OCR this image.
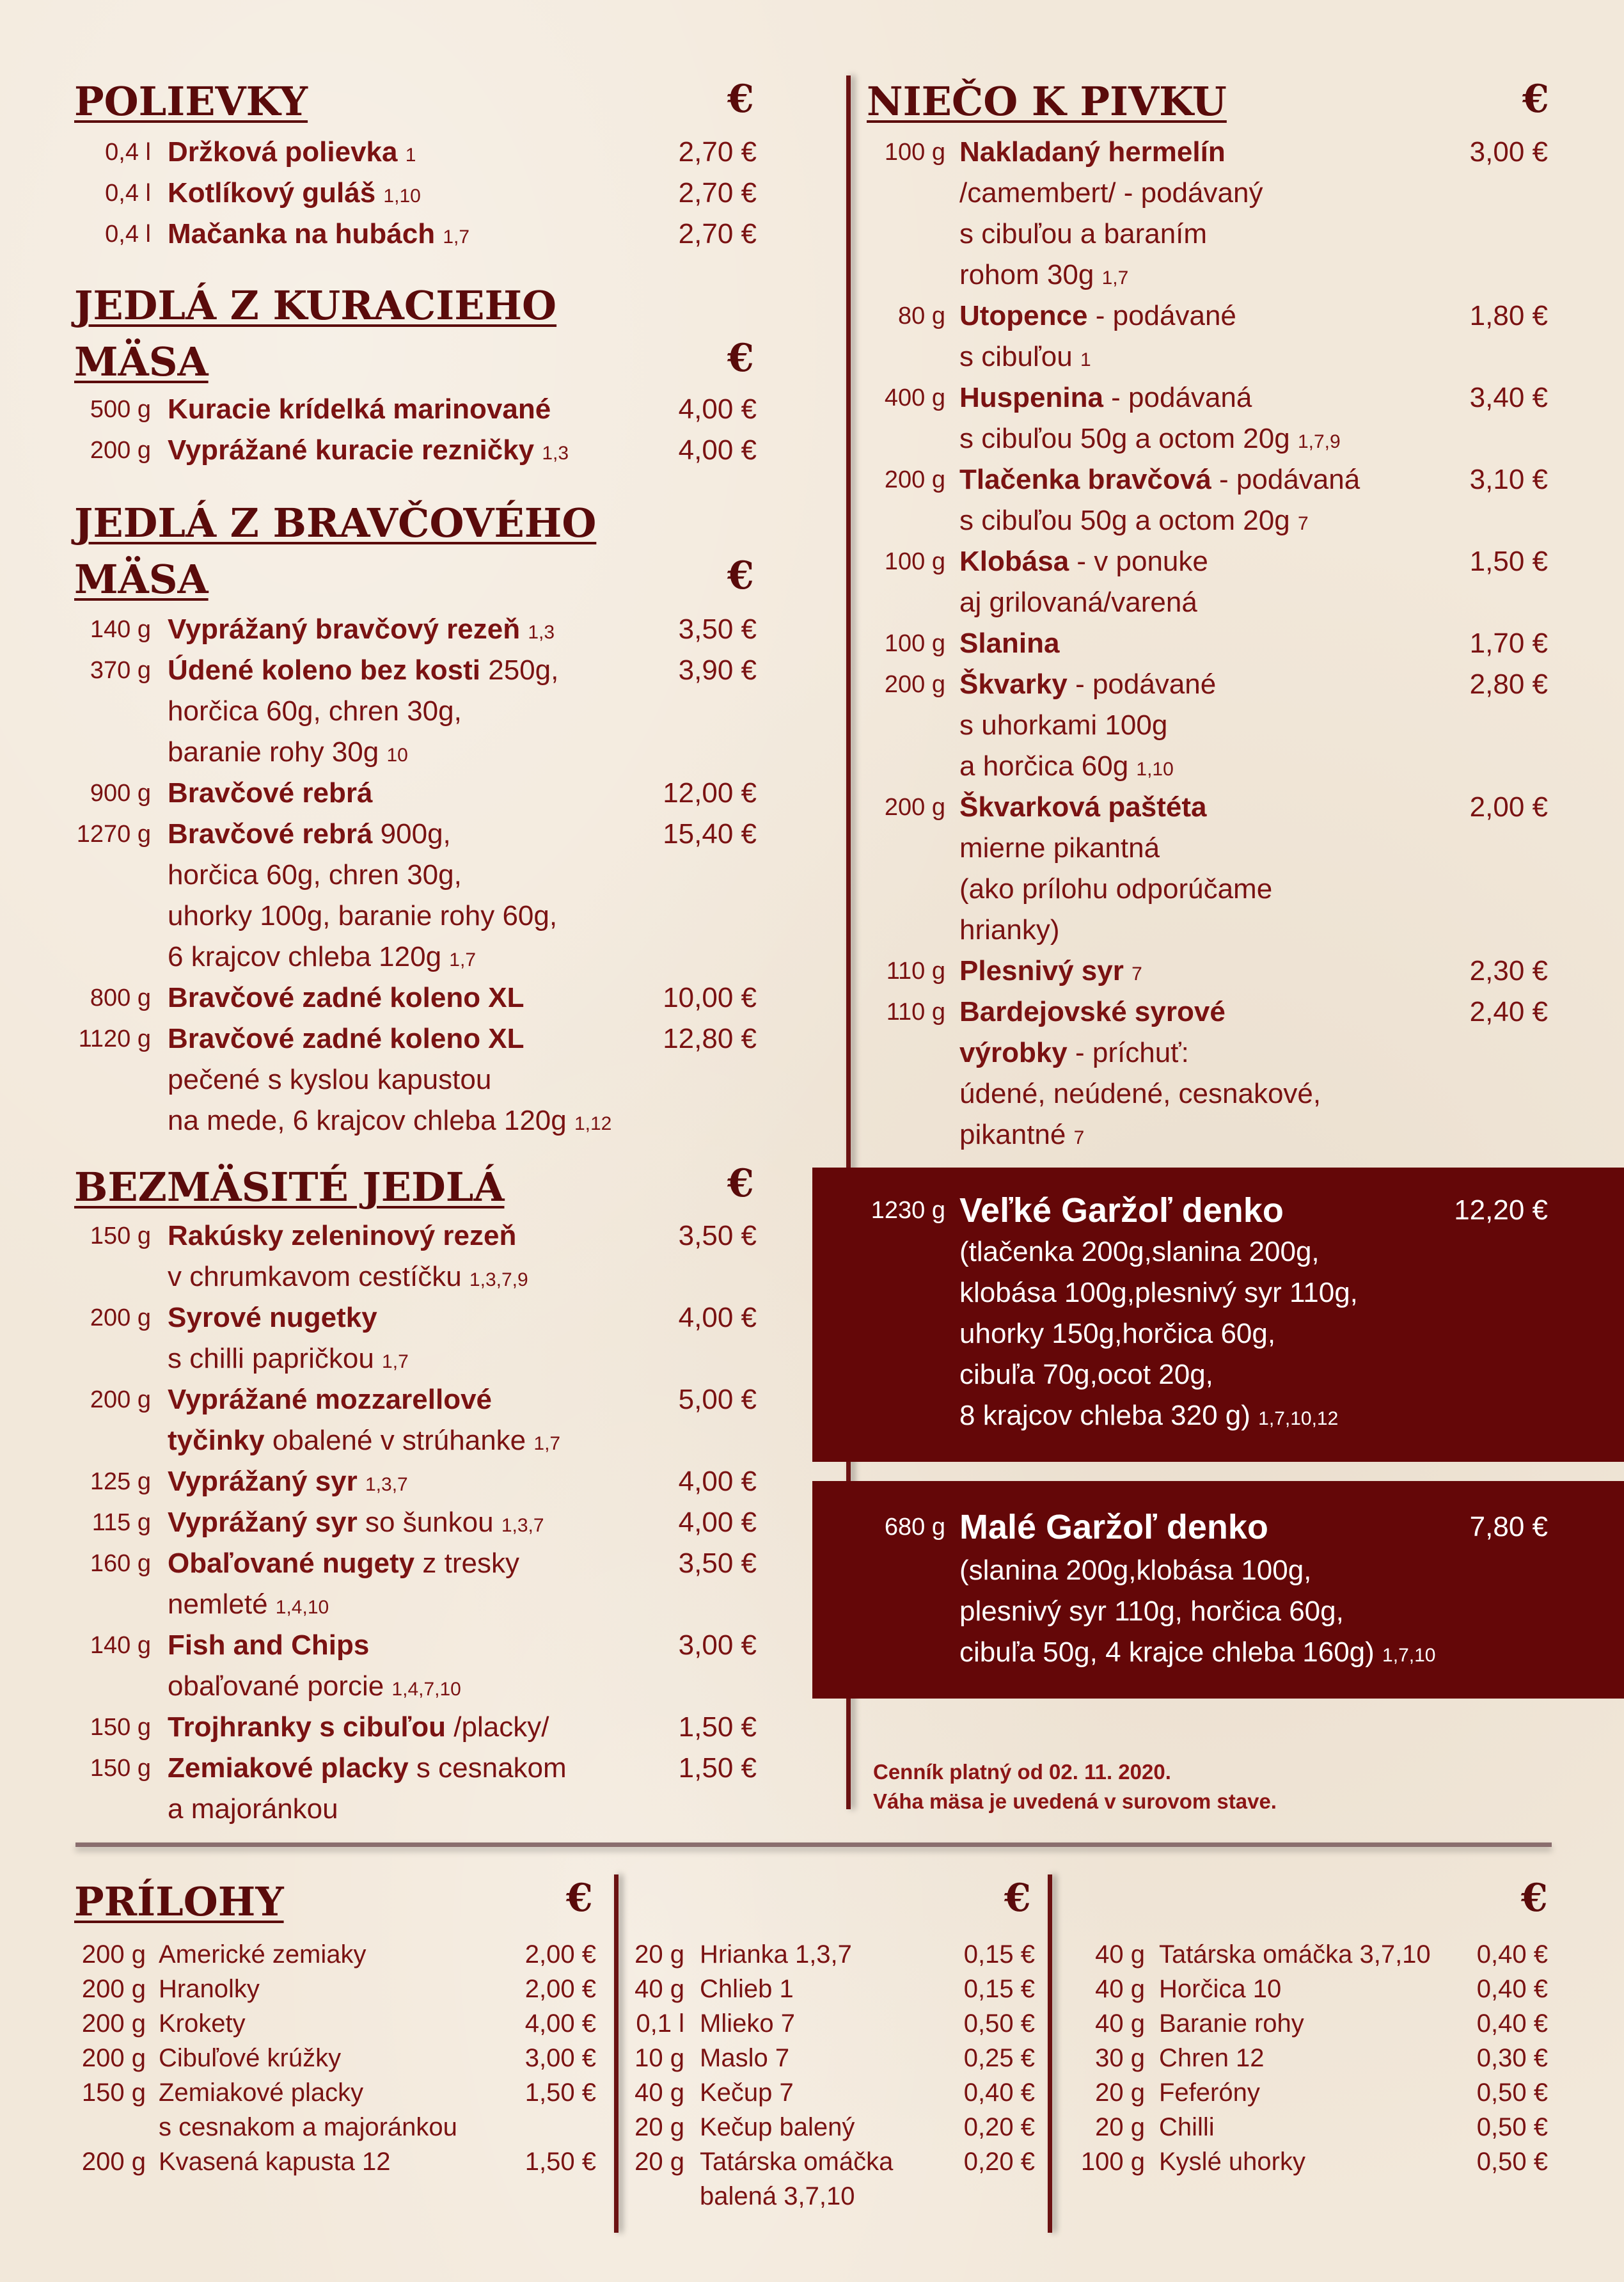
POLIEVKY	€
JEDLÁ Z KURACIEHO
MÄSA	€
JEDLÁ Z BRAVČOVÉHO
MÄSA	€
BEZMÄSITÉ JEDLÁ	€
0,4 l Držková polievka 1	2,70 €
0,4 l Kotlíkový guláš 1,10	2,70 €
0,4 l Mačanka na hubách 1,7	2,70 €
500 g Kuracie krídelká marinované	4,00 €
200 g Vyprážané kuracie rezničky 1,3	4,00 €
140 g Vyprážaný bravčový rezeň 1,3	3,50 €
370 g Údené koleno bez kosti 250g,	3,90 €
horčica 60g, chren 30g,
baranie rohy 30g 10
900 g Bravčové rebrá	12,00 €
1270 g Bravčové rebrá 900g,	15,40 €
horčica 60g, chren 30g,
uhorky 100g, baranie rohy 60g,
6 krajcov chleba 120g 1,7
800 g Bravčové zadné koleno XL	10,00 €
1120 g Bravčové zadné koleno XL	12,80 €
pečené s kyslou kapustou
na mede, 6 krajcov chleba 120g 1,12
150 g Rakúsky zeleninový rezeň	3,50 €
v chrumkavom cestíčku 1,3,7,9
200 g Syrové nugetky	4,00 €
s chilli papričkou 1,7
200 g Vyprážané mozzarellové	5,00 €
tyčinky obalené v strúhanke 1,7
125 g Vyprážaný syr 1,3,7	4,00 €
115 g Vyprážaný syr so šunkou 1,3,7	4,00 €
160 g Obaľované nugety z tresky	3,50 €
nemleté 1,4,10
140 g Fish and Chips	3,00 €
obaľované porcie 1,4,7,10
150 g Trojhranky s cibuľou /placky/	1,50 €
150 g Zemiakové placky s cesnakom	1,50 €
a majoránkou
NIEČO K PIVKU	€
100 g Nakladaný hermelín	3,00 €
/camembert/ - podávaný
s cibuľou a baraním
rohom 30g 1,7
80 g Utopence - podávané	1,80 €
s cibuľou 1
400 g Huspenina - podávaná	3,40 €
s cibuľou 50g a octom 20g 1,7,9
200 g Tlačenka bravčová - podávaná	3,10 €
s cibuľou 50g a octom 20g 7
100 g Klobása - v ponuke	1,50 €
aj grilovaná/varená
100 g Slanina	1,70 €
200 g Škvarky - podávané	2,80 €
s uhorkami 100g
a horčica 60g 1,10
200 g Škvarková paštéta	2,00 €
mierne pikantná
(ako prílohu odporúčame
hrianky)
110 g Plesnivý syr 7	2,30 €
110 g Bardejovské syrové	2,40 €
výrobky - príchuť:
údené, neúdené, cesnakové,
pikantné 7
1230 g Veľké Garžoľ denko	12,20 €
(tlačenka 200g,slanina 200g,
klobása 100g,plesnivý syr 110g,
uhorky 150g,horčica 60g,
cibuľa 70g,ocot 20g,
8 krajcov chleba 320 g) 1,7,10,12
680 g Malé Garžoľ denko	7,80 €
(slanina 200g,klobása 100g,
plesnivý syr 110g, horčica 60g,
cibuľa 50g, 4 krajce chleba 160g) 1,7,10
Cenník platný od 02. 11. 2020.
Váha mäsa je uvedená v surovom stave.
PRÍLOHY	€	€	€
200 g Americké zemiaky	2,00 €
200 g Hranolky	2,00 €
200 g Krokety	4,00 €
200 g Cibuľové krúžky	3,00 €
150 g Zemiakové placky	1,50 €
s cesnakom a majoránkou
200 g Kvasená kapusta 12	1,50 €
20 g Hrianka 1,3,7	0,15 €
40 g Chlieb 1	0,15 €
0,1 l Mlieko 7	0,50 €
10 g Maslo 7	0,25 €
40 g Kečup 7	0,40 €
20 g Kečup balený	0,20 €
20 g Tatárska omáčka	0,20 €
balená 3,7,10
40 g Tatárska omáčka 3,7,10	0,40 €
40 g Horčica 10	0,40 €
40 g Baranie rohy	0,40 €
30 g Chren 12	0,30 €
20 g Feferóny	0,50 €
20 g Chilli	0,50 €
100 g Kyslé uhorky	0,50 €
